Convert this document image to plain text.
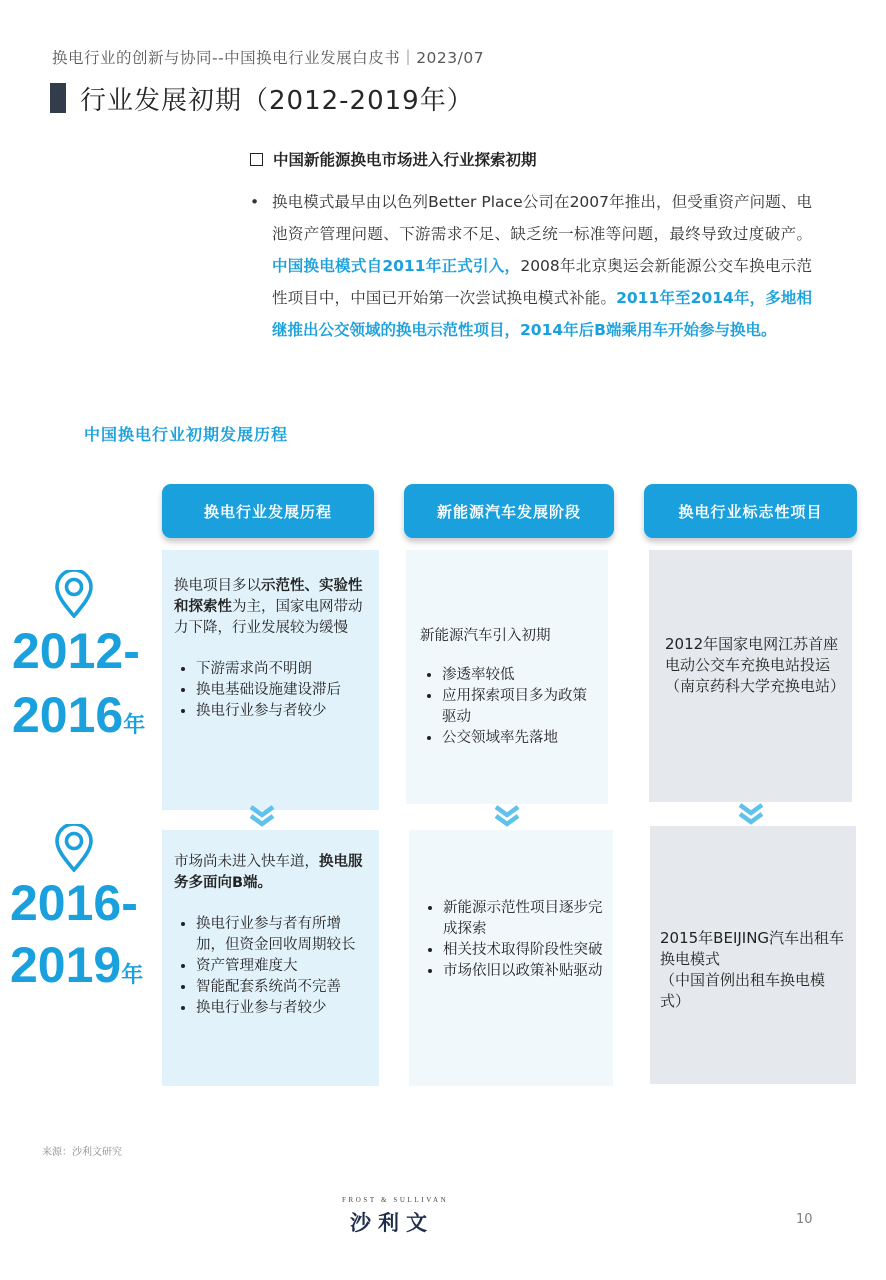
换电行业的创新与协同--中国换电行业发展白皮书｜2023/07
行业发展初期（2012-2019年）
中国新能源换电市场进入行业探索初期
• 换电模式最早由以色列Better Place公司在2007年推出，但受重资产问题、电池资产管理问题、下游需求不足、缺乏统一标准等问题，最终导致过度破产。中国换电模式自2011年正式引入，2008年北京奥运会新能源公交车换电示范性项目中，中国已开始第一次尝试换电模式补能。2011年至2014年，多地相继推出公交领域的换电示范性项目，2014年后B端乘用车开始参与换电。
中国换电行业初期发展历程
换电行业发展历程	新能源汽车发展阶段	换电行业标志性项目
2012-
2016年
换电项目多以示范性、实验性和探索性为主，国家电网带动力下降，行业发展较为缓慢
• 下游需求尚不明朗
• 换电基础设施建设滞后
• 换电行业参与者较少
新能源汽车引入初期
• 渗透率较低
• 应用探索项目多为政策驱动
• 公交领域率先落地
2012年国家电网江苏首座电动公交车充换电站投运
（南京药科大学充换电站）
2016-
2019年
市场尚未进入快车道，换电服务多面向B端。
• 换电行业参与者有所增加，但资金回收周期较长
• 资产管理难度大
• 智能配套系统尚不完善
• 换电行业参与者较少
• 新能源示范性项目逐步完成探索
• 相关技术取得阶段性突破
• 市场依旧以政策补贴驱动
2015年BEIJING汽车出租车换电模式
（中国首例出租车换电模式）
来源：沙利文研究
FROST & SULLIVAN
沙利文	10
